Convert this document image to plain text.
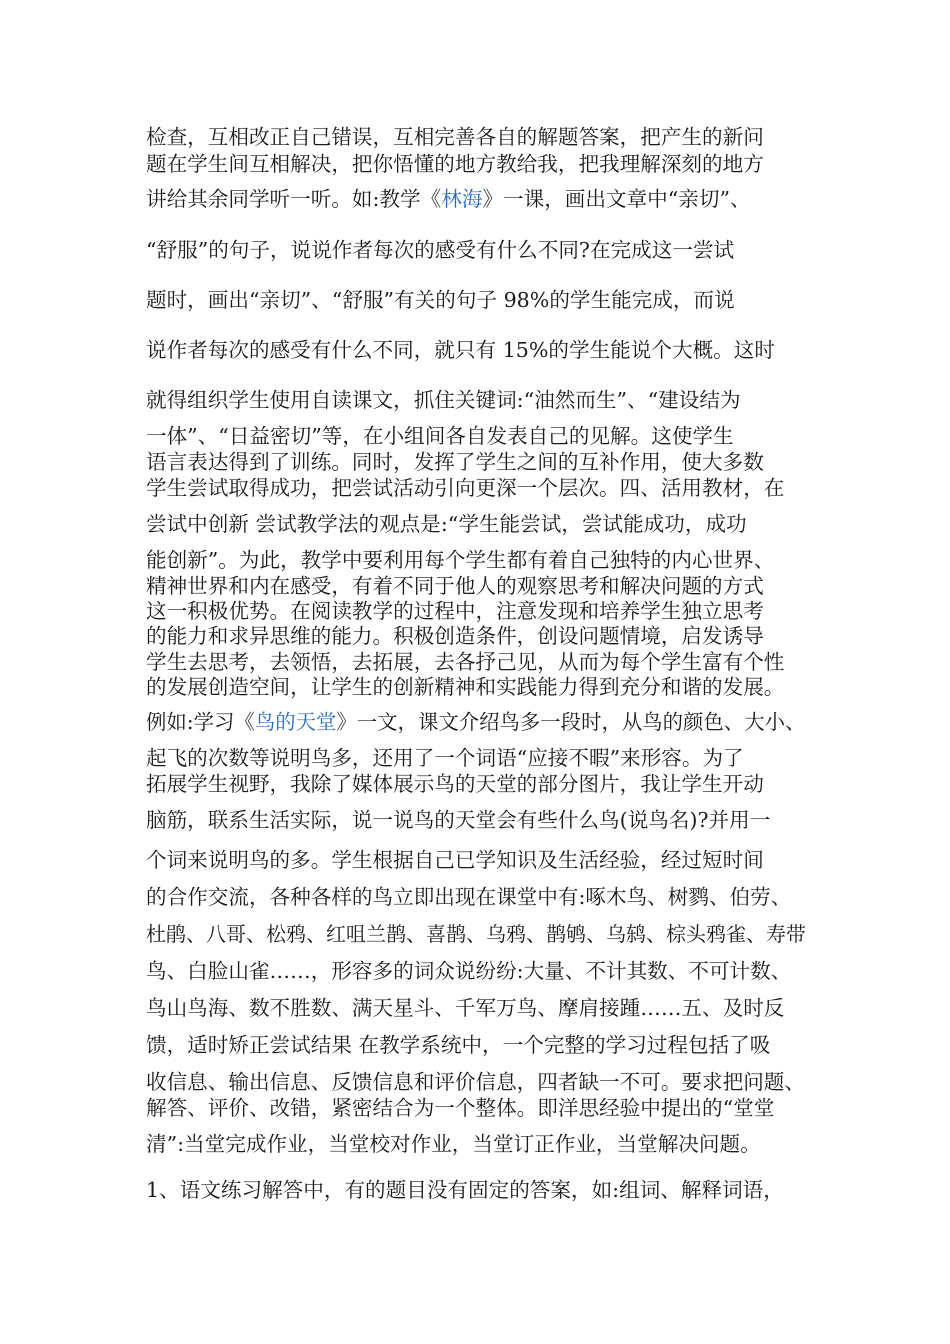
检查，互相改正自己错误，互相完善各自的解题答案，把产生的新问
题在学生间互相解决，把你悟懂的地方教给我，把我理解深刻的地方
讲给其余同学听一听。如:教学《林海》一课，画出文章中“亲切”、
“舒服”的句子，说说作者每次的感受有什么不同?在完成这一尝试
题时，画出“亲切”、“舒服”有关的句子 98%的学生能完成，而说
说作者每次的感受有什么不同，就只有 15%的学生能说个大概。这时
就得组织学生使用自读课文，抓住关键词:“油然而生”、“建设结为
一体”、“日益密切”等，在小组间各自发表自己的见解。这使学生
语言表达得到了训练。同时，发挥了学生之间的互补作用，使大多数
学生尝试取得成功，把尝试活动引向更深一个层次。四、活用教材，在
尝试中创新 尝试教学法的观点是:“学生能尝试，尝试能成功，成功
能创新”。为此，教学中要利用每个学生都有着自己独特的内心世界、
精神世界和内在感受，有着不同于他人的观察思考和解决问题的方式
这一积极优势。在阅读教学的过程中，注意发现和培养学生独立思考
的能力和求异思维的能力。积极创造条件，创设问题情境，启发诱导
学生去思考，去领悟，去拓展，去各抒己见，从而为每个学生富有个性
的发展创造空间，让学生的创新精神和实践能力得到充分和谐的发展。
例如:学习《鸟的天堂》一文，课文介绍鸟多一段时，从鸟的颜色、大小、
起飞的次数等说明鸟多，还用了一个词语“应接不暇”来形容。为了
拓展学生视野，我除了媒体展示鸟的天堂的部分图片，我让学生开动
脑筋，联系生活实际，说一说鸟的天堂会有些什么鸟(说鸟名)?并用一
个词来说明鸟的多。学生根据自己已学知识及生活经验，经过短时间
的合作交流，各种各样的鸟立即出现在课堂中有:啄木鸟、树鹨、伯劳、
杜鹃、八哥、松鸦、红咀兰鹊、喜鹊、乌鸦、鹊鸲、乌鸫、棕头鸦雀、寿带
鸟、白脸山雀……，形容多的词众说纷纷:大量、不计其数、不可计数、
鸟山鸟海、数不胜数、满天星斗、千军万鸟、摩肩接踵……五、及时反
馈，适时矫正尝试结果 在教学系统中，一个完整的学习过程包括了吸
收信息、输出信息、反馈信息和评价信息，四者缺一不可。要求把问题、
解答、评价、改错，紧密结合为一个整体。即洋思经验中提出的“堂堂
清”:当堂完成作业，当堂校对作业，当堂订正作业，当堂解决问题。
1、语文练习解答中，有的题目没有固定的答案，如:组词、解释词语，
